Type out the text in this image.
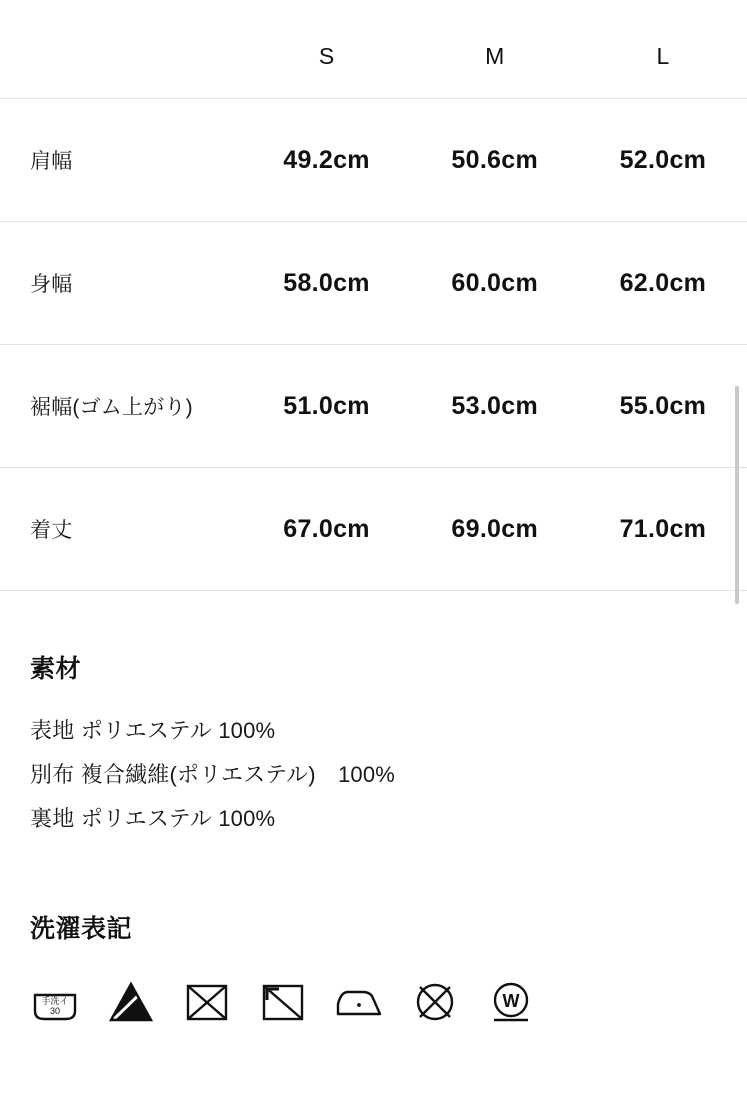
	S	M	L
肩幅	49.2cm	50.6cm	52.0cm
身幅	58.0cm	60.0cm	62.0cm
裾幅(ゴム上がり)	51.0cm	53.0cm	55.0cm
着丈	67.0cm	69.0cm	71.0cm
素材
表地 ポリエステル 100%
別布 複合繊維(ポリエステル)　100%
裏地 ポリエステル 100%
洗濯表記
手洗イ
30	W
